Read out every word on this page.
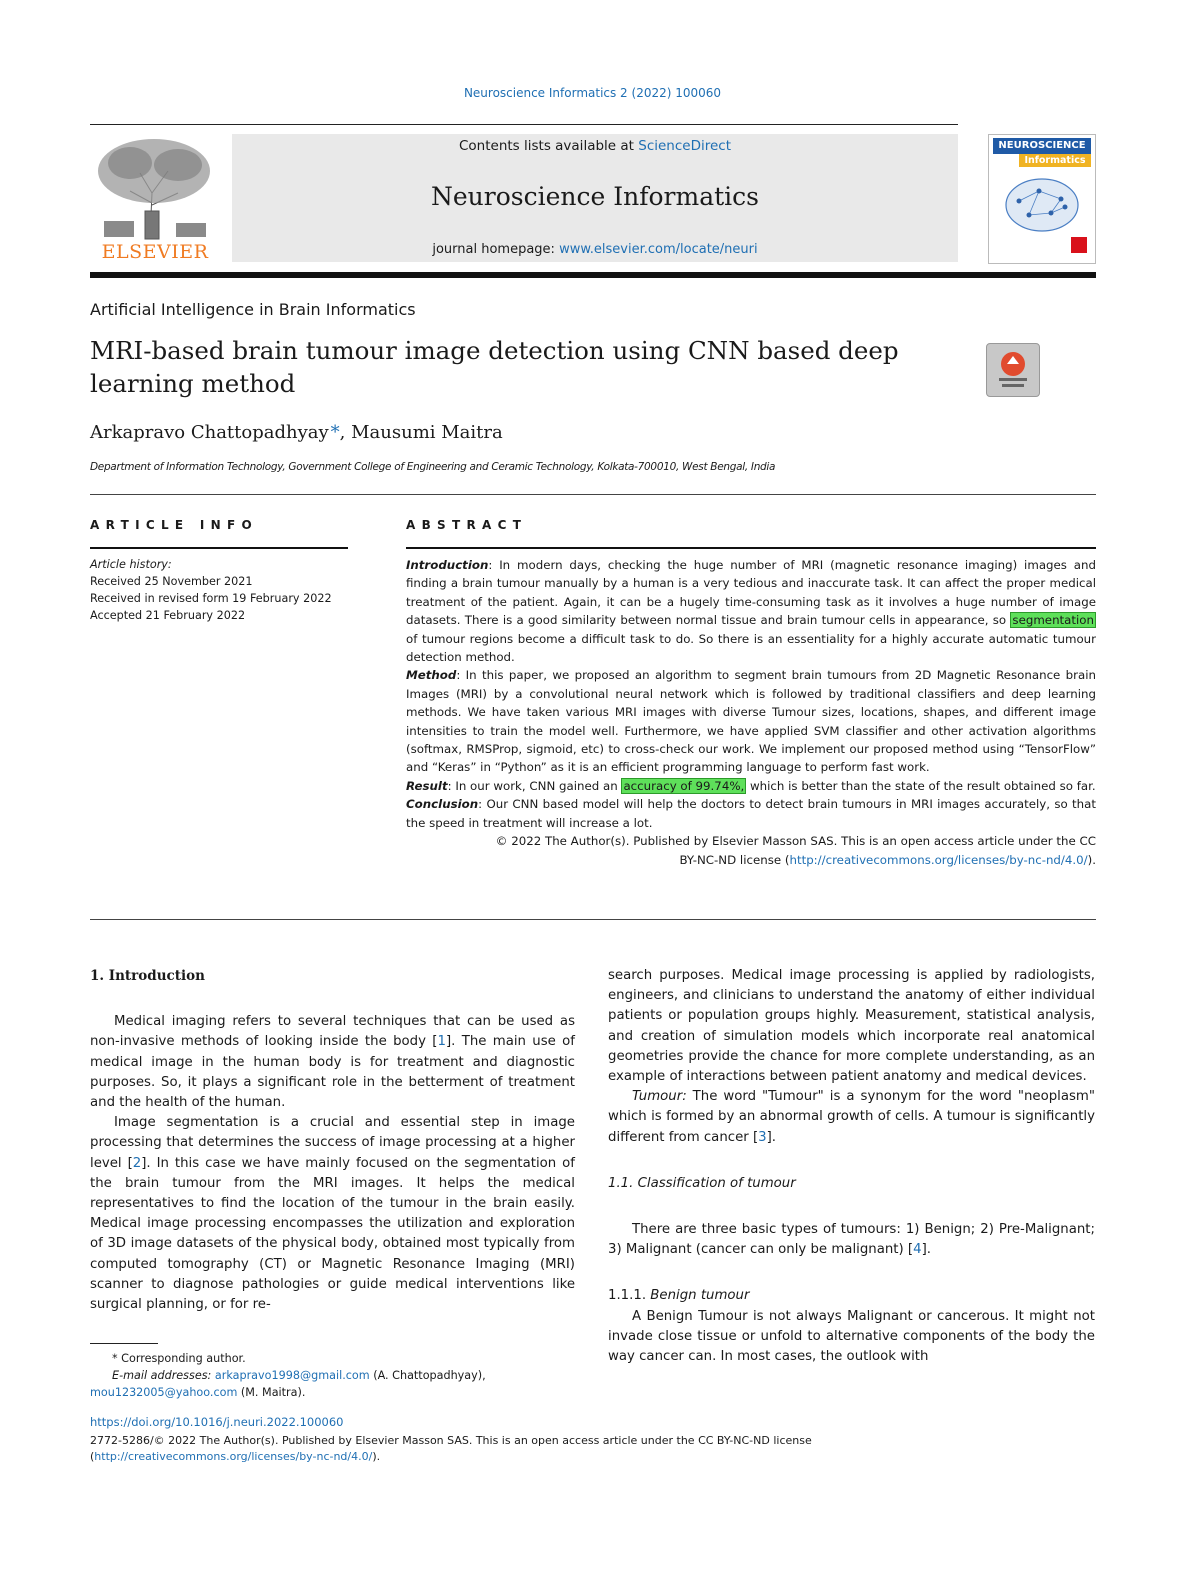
Neuroscience Informatics 2 (2022) 100060
ELSEVIER
Contents lists available at ScienceDirect
Neuroscience Informatics
journal homepage: www.elsevier.com/locate/neuri
NEUROSCIENCE
Informatics
Artificial Intelligence in Brain Informatics
MRI-based brain tumour image detection using CNN based deep learning method
Arkapravo Chattopadhyay *, Mausumi Maitra
Department of Information Technology, Government College of Engineering and Ceramic Technology, Kolkata-700010, West Bengal, India
ARTICLE INFO	ABSTRACT
Article history:
Received 25 November 2021
Received in revised form 19 February 2022
Accepted 21 February 2022

Introduction: In modern days, checking the huge number of MRI (magnetic resonance imaging) images and finding a brain tumour manually by a human is a very tedious and inaccurate task. It can affect the proper medical treatment of the patient. Again, it can be a hugely time-consuming task as it involves a huge number of image datasets. There is a good similarity between normal tissue and brain tumour cells in appearance, so segmentation of tumour regions become a difficult task to do. So there is an essentiality for a highly accurate automatic tumour detection method.

Method: In this paper, we proposed an algorithm to segment brain tumours from 2D Magnetic Resonance brain Images (MRI) by a convolutional neural network which is followed by traditional classifiers and deep learning methods. We have taken various MRI images with diverse Tumour sizes, locations, shapes, and different image intensities to train the model well. Furthermore, we have applied SVM classifier and other activation algorithms (softmax, RMSProp, sigmoid, etc) to cross-check our work. We implement our proposed method using “TensorFlow” and “Keras” in “Python” as it is an efficient programming language to perform fast work.

Result: In our work, CNN gained an accuracy of 99.74%, which is better than the state of the result obtained so far.

Conclusion: Our CNN based model will help the doctors to detect brain tumours in MRI images accurately, so that the speed in treatment will increase a lot.

© 2022 The Author(s). Published by Elsevier Masson SAS. This is an open access article under the CC

BY-NC-ND license (http://creativecommons.org/licenses/by-nc-nd/4.0/).

1. Introduction

Medical imaging refers to several techniques that can be used as non-invasive methods of looking inside the body [1]. The main use of medical image in the human body is for treatment and diagnostic purposes. So, it plays a significant role in the betterment of treatment and the health of the human.

Image segmentation is a crucial and essential step in image processing that determines the success of image processing at a higher level [2]. In this case we have mainly focused on the segmentation of the brain tumour from the MRI images. It helps the medical representatives to find the location of the tumour in the brain easily. Medical image processing encompasses the utilization and exploration of 3D image datasets of the physical body, obtained most typically from computed tomography (CT) or Magnetic Resonance Imaging (MRI) scanner to diagnose pathologies or guide medical interventions like surgical planning, or for re-

search purposes. Medical image processing is applied by radiologists, engineers, and clinicians to understand the anatomy of either individual patients or population groups highly. Measurement, statistical analysis, and creation of simulation models which incorporate real anatomical geometries provide the chance for more complete understanding, as an example of interactions between patient anatomy and medical devices.

Tumour: The word "Tumour" is a synonym for the word "neoplasm" which is formed by an abnormal growth of cells. A tumour is significantly different from cancer [3].

1.1. Classification of tumour

There are three basic types of tumours: 1) Benign; 2) Pre-Malignant; 3) Malignant (cancer can only be malignant) [4].

1.1.1. Benign tumour

A Benign Tumour is not always Malignant or cancerous. It might not invade close tissue or unfold to alternative components of the body the way cancer can. In most cases, the outlook with

* Corresponding author.
E-mail addresses: arkapravo1998@gmail.com (A. Chattopadhyay),
mou1232005@yahoo.com (M. Maitra).
https://doi.org/10.1016/j.neuri.2022.100060
2772-5286/© 2022 The Author(s). Published by Elsevier Masson SAS. This is an open access article under the CC BY-NC-ND license
(http://creativecommons.org/licenses/by-nc-nd/4.0/).
